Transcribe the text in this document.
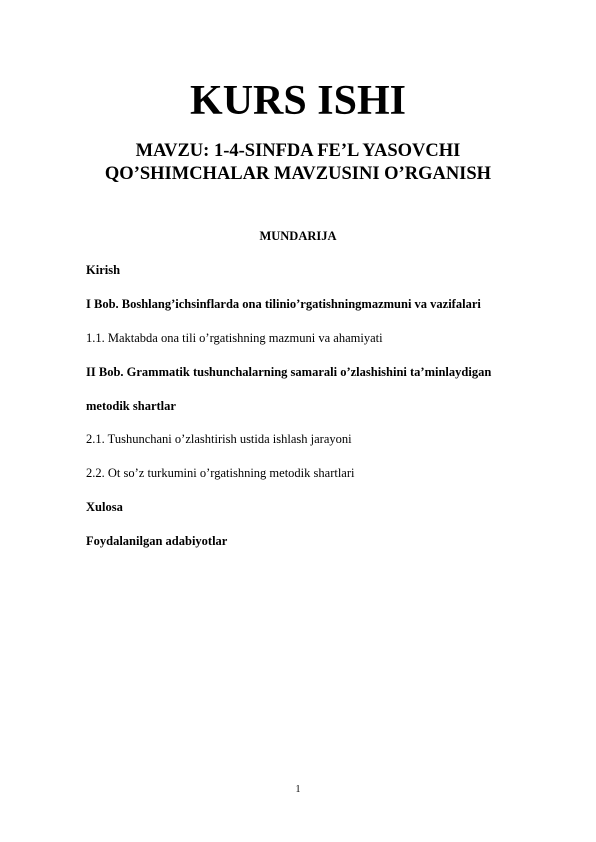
KURS ISHI
MAVZU: 1-4-SINFDA FE’L YASOVCHI
QO’SHIMCHALAR MAVZUSINI O’RGANISH
MUNDARIJA
Kirish
I Bob. Boshlang’ichsinflarda ona tilinio’rgatishningmazmuni va vazifalari
1.1. Maktabda ona tili o’rgatishning mazmuni va ahamiyati
II Bob. Grammatik tushunchalarning samarali o’zlashishini ta’minlaydigan
metodik shartlar
2.1. Tushunchani o’zlashtirish ustida ishlash jarayoni
2.2. Ot so’z turkumini o’rgatishning metodik shartlari
Xulosa
Foydalanilgan adabiyotlar
1
